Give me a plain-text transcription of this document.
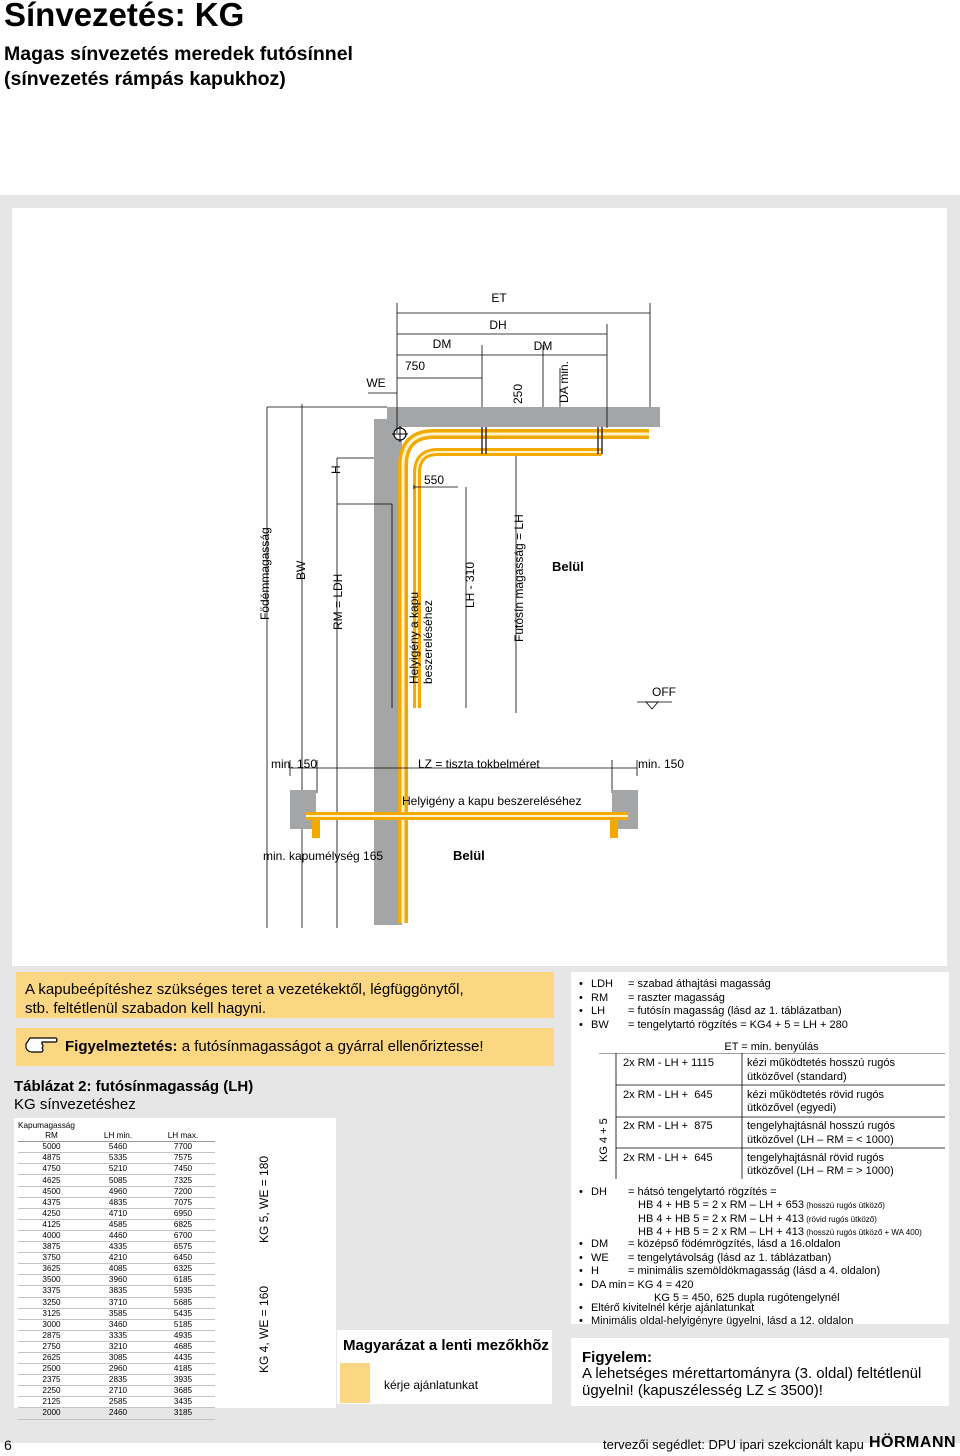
Sínvezetés: KG
Magas sínvezetés meredek futósínnel
(sínvezetés rámpás kapukhoz)
ET
DH
DM	DM
WE
750
250	DA min.
H
550
Födémmagasság BW
RM = LDH	Helyigény a kapu beszereléséhez
LH - 310	Futósín magasság = LH Belül
OFF
min. 150	LZ = tiszta tokbelméret	min. 150
Helyigény a kapu beszereléséhez
min. kapumélység 165	Belül
A kapubeépítéshez szükséges teret a vezetékektől, légfüggönytől,
stb. feltétlenül szabadon kell hagyni.
Figyelmeztetés: a futósínmagasságot a gyárral ellenőriztesse!
Táblázat 2: futósínmagasság (LH)
KG sínvezetéshez
Kapumagasság		
RM	LH min.	LH max.
5000	5460	7700
4875	5335	7575
4750	5210	7450
4625	5085	7325
4500	4960	7200
4375	4835	7075
4250	4710	6950
4125	4585	6825
4000	4460	6700
3875	4335	6575
3750	4210	6450
3625	4085	6325
3500	3960	6185
3375	3835	5935
3250	3710	5685
3125	3585	5435
3000	3460	5185
2875	3335	4935
2750	3210	4685
2625	3085	4435
2500	2960	4185
2375	2835	3935
2250	2710	3685
2125	2585	3435
2000	2460	3185
KG 5, WE = 180
KG 4, WE = 160	Magyarázat a lenti mezőkhõz
kérje ajánlatunkat
ET = min. benyúlás
KG 4 + 5
2x RM - LH + 1115	kézi működtetés hosszú rugós
ütközővel (standard)
2x RM - LH +  645	kézi működtetés rövid rugós
ütközővel (egyedi)
2x RM - LH +  875	tengelyhajtásnál hosszú rugós
ütközővel (LH – RM = < 1000)
2x RM - LH +  645	tengelyhajtásnál rövid rugós
ütközővel (LH – RM = > 1000)
• LDH = szabad áthajtási magasság
• RM = raszter magasság
• LH = futósín magasság (lásd az 1. táblázatban)
• BW = tengelytartó rögzítés = KG4 + 5 = LH + 280
• DH = hátsó tengelytartó rögzítés =
HB 4 + HB 5 = 2 x RM – LH + 653 (hosszú rugós ütköző)
HB 4 + HB 5 = 2 x RM – LH + 413 (rövid rugós ütköző)
HB 4 + HB 5 = 2 x RM – LH + 413 (hosszú rugós ütköző + WA 400)
• DM = középső födémrögzítés, lásd a 16.oldalon
• WE = tengelytávolság (lásd az 1. táblázatban)
• H	= minimális szemöldökmagasság (lásd a 4. oldalon)
• DA min = KG 4 = 420
KG 5 = 450, 625 dupla rugótengelynél
• Eltérő kivitelnél kérje ajánlatunkat
• Minimális oldal-helyigényre ügyelni, lásd a 12. oldalon
Figyelem:
A lehetséges mérettartományra (3. oldal) feltétlenül
ügyelni! (kapuszélesség LZ ≤ 3500)!
6	tervezői segédlet: DPU ipari szekcionált kapu HÖRMANN
